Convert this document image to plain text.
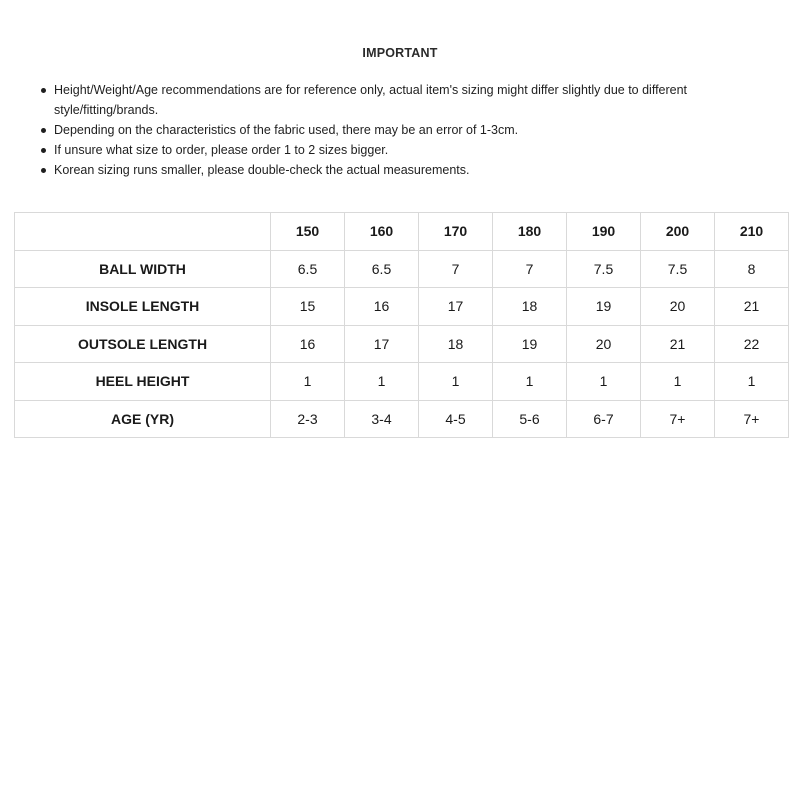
IMPORTANT

Height/Weight/Age recommendations are for reference only, actual item's sizing might differ slightly due to different style/fitting/brands.
Depending on the characteristics of the fabric used, there may be an error of 1-3cm.
If unsure what size to order, please order 1 to 2 sizes bigger.
Korean sizing runs smaller, please double-check the actual measurements.
	150	160	170	180	190	200	210
BALL WIDTH	6.5	6.5	7	7	7.5	7.5	8
INSOLE LENGTH	15	16	17	18	19	20	21
OUTSOLE LENGTH	16	17	18	19	20	21	22
HEEL HEIGHT	1	1	1	1	1	1	1
AGE (YR)	2-3	3-4	4-5	5-6	6-7	7+	7+
